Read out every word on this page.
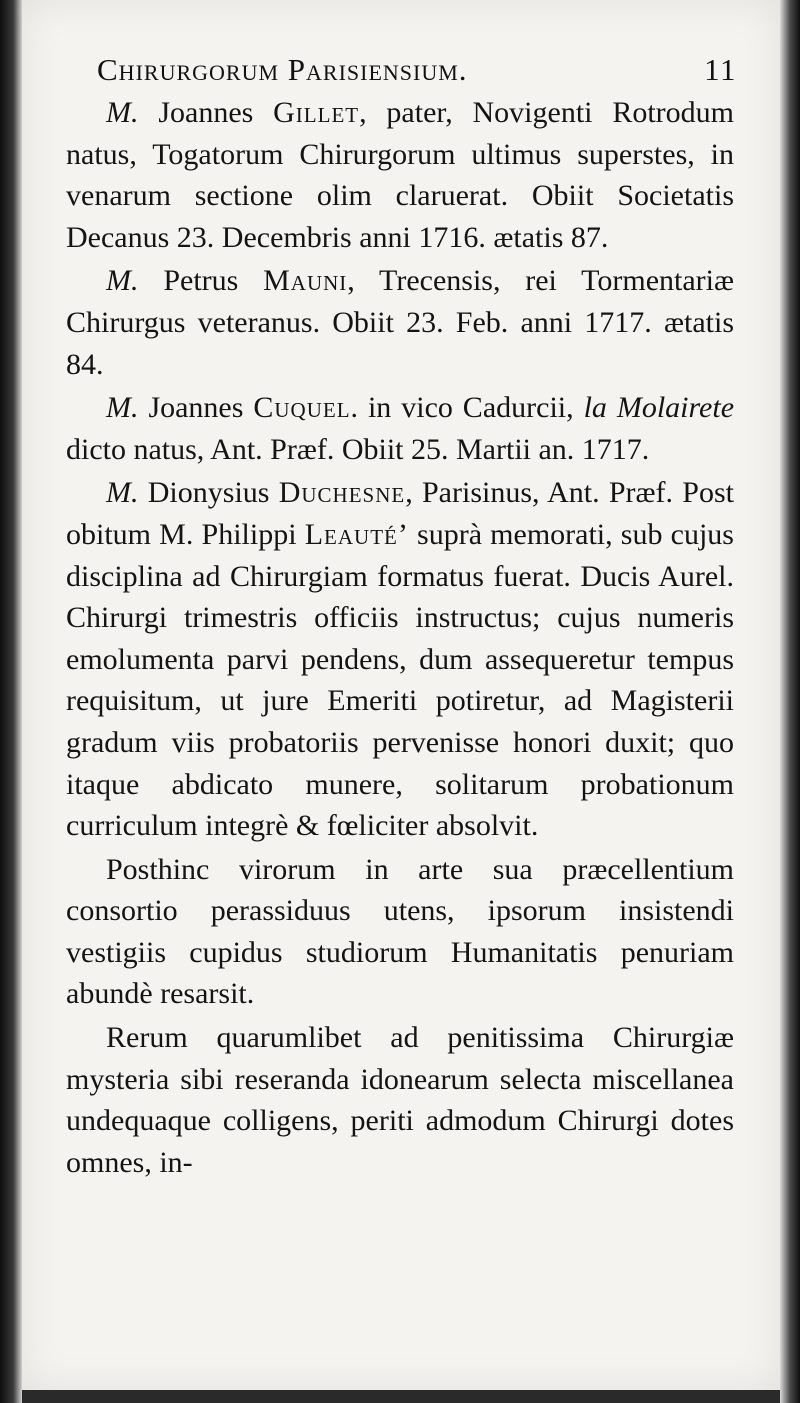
Chirurgorum Parisiensium.	11

M. Joannes Gillet, pater, Novigenti Rotrodum natus, Togatorum Chirurgorum ultimus superstes, in venarum sectione olim claruerat. Obiit Societatis Decanus 23. Decembris anni 1716. ætatis 87.

M. Petrus Mauni, Trecensis, rei Tormentariæ Chirurgus veteranus. Obiit 23. Feb. anni 1717. ætatis 84.

M. Joannes Cuquel. in vico Cadurcii, la Molairete dicto natus, Ant. Præf. Obiit 25. Martii an. 1717.

M. Dionysius Duchesne, Parisinus, Ant. Præf. Post obitum M. Philippi Leauté’ suprà memorati, sub cujus disciplina ad Chirurgiam formatus fuerat. Ducis Aurel. Chirurgi trimestris officiis instructus; cujus numeris emolumenta parvi pendens, dum assequeretur tempus requisitum, ut jure Emeriti potiretur, ad Magisterii gradum viis probatoriis pervenisse honori duxit; quo itaque abdicato munere, solitarum probationum curriculum integrè & fœliciter absolvit.

Posthinc virorum in arte sua præcellentium consortio perassiduus utens, ipsorum insistendi vestigiis cupidus studiorum Humanitatis penuriam abundè resarsit.

Rerum quarumlibet ad penitissima Chirurgiæ mysteria sibi reseranda idonearum selecta miscellanea undequaque colligens, periti admodum Chirurgi dotes omnes, in-
